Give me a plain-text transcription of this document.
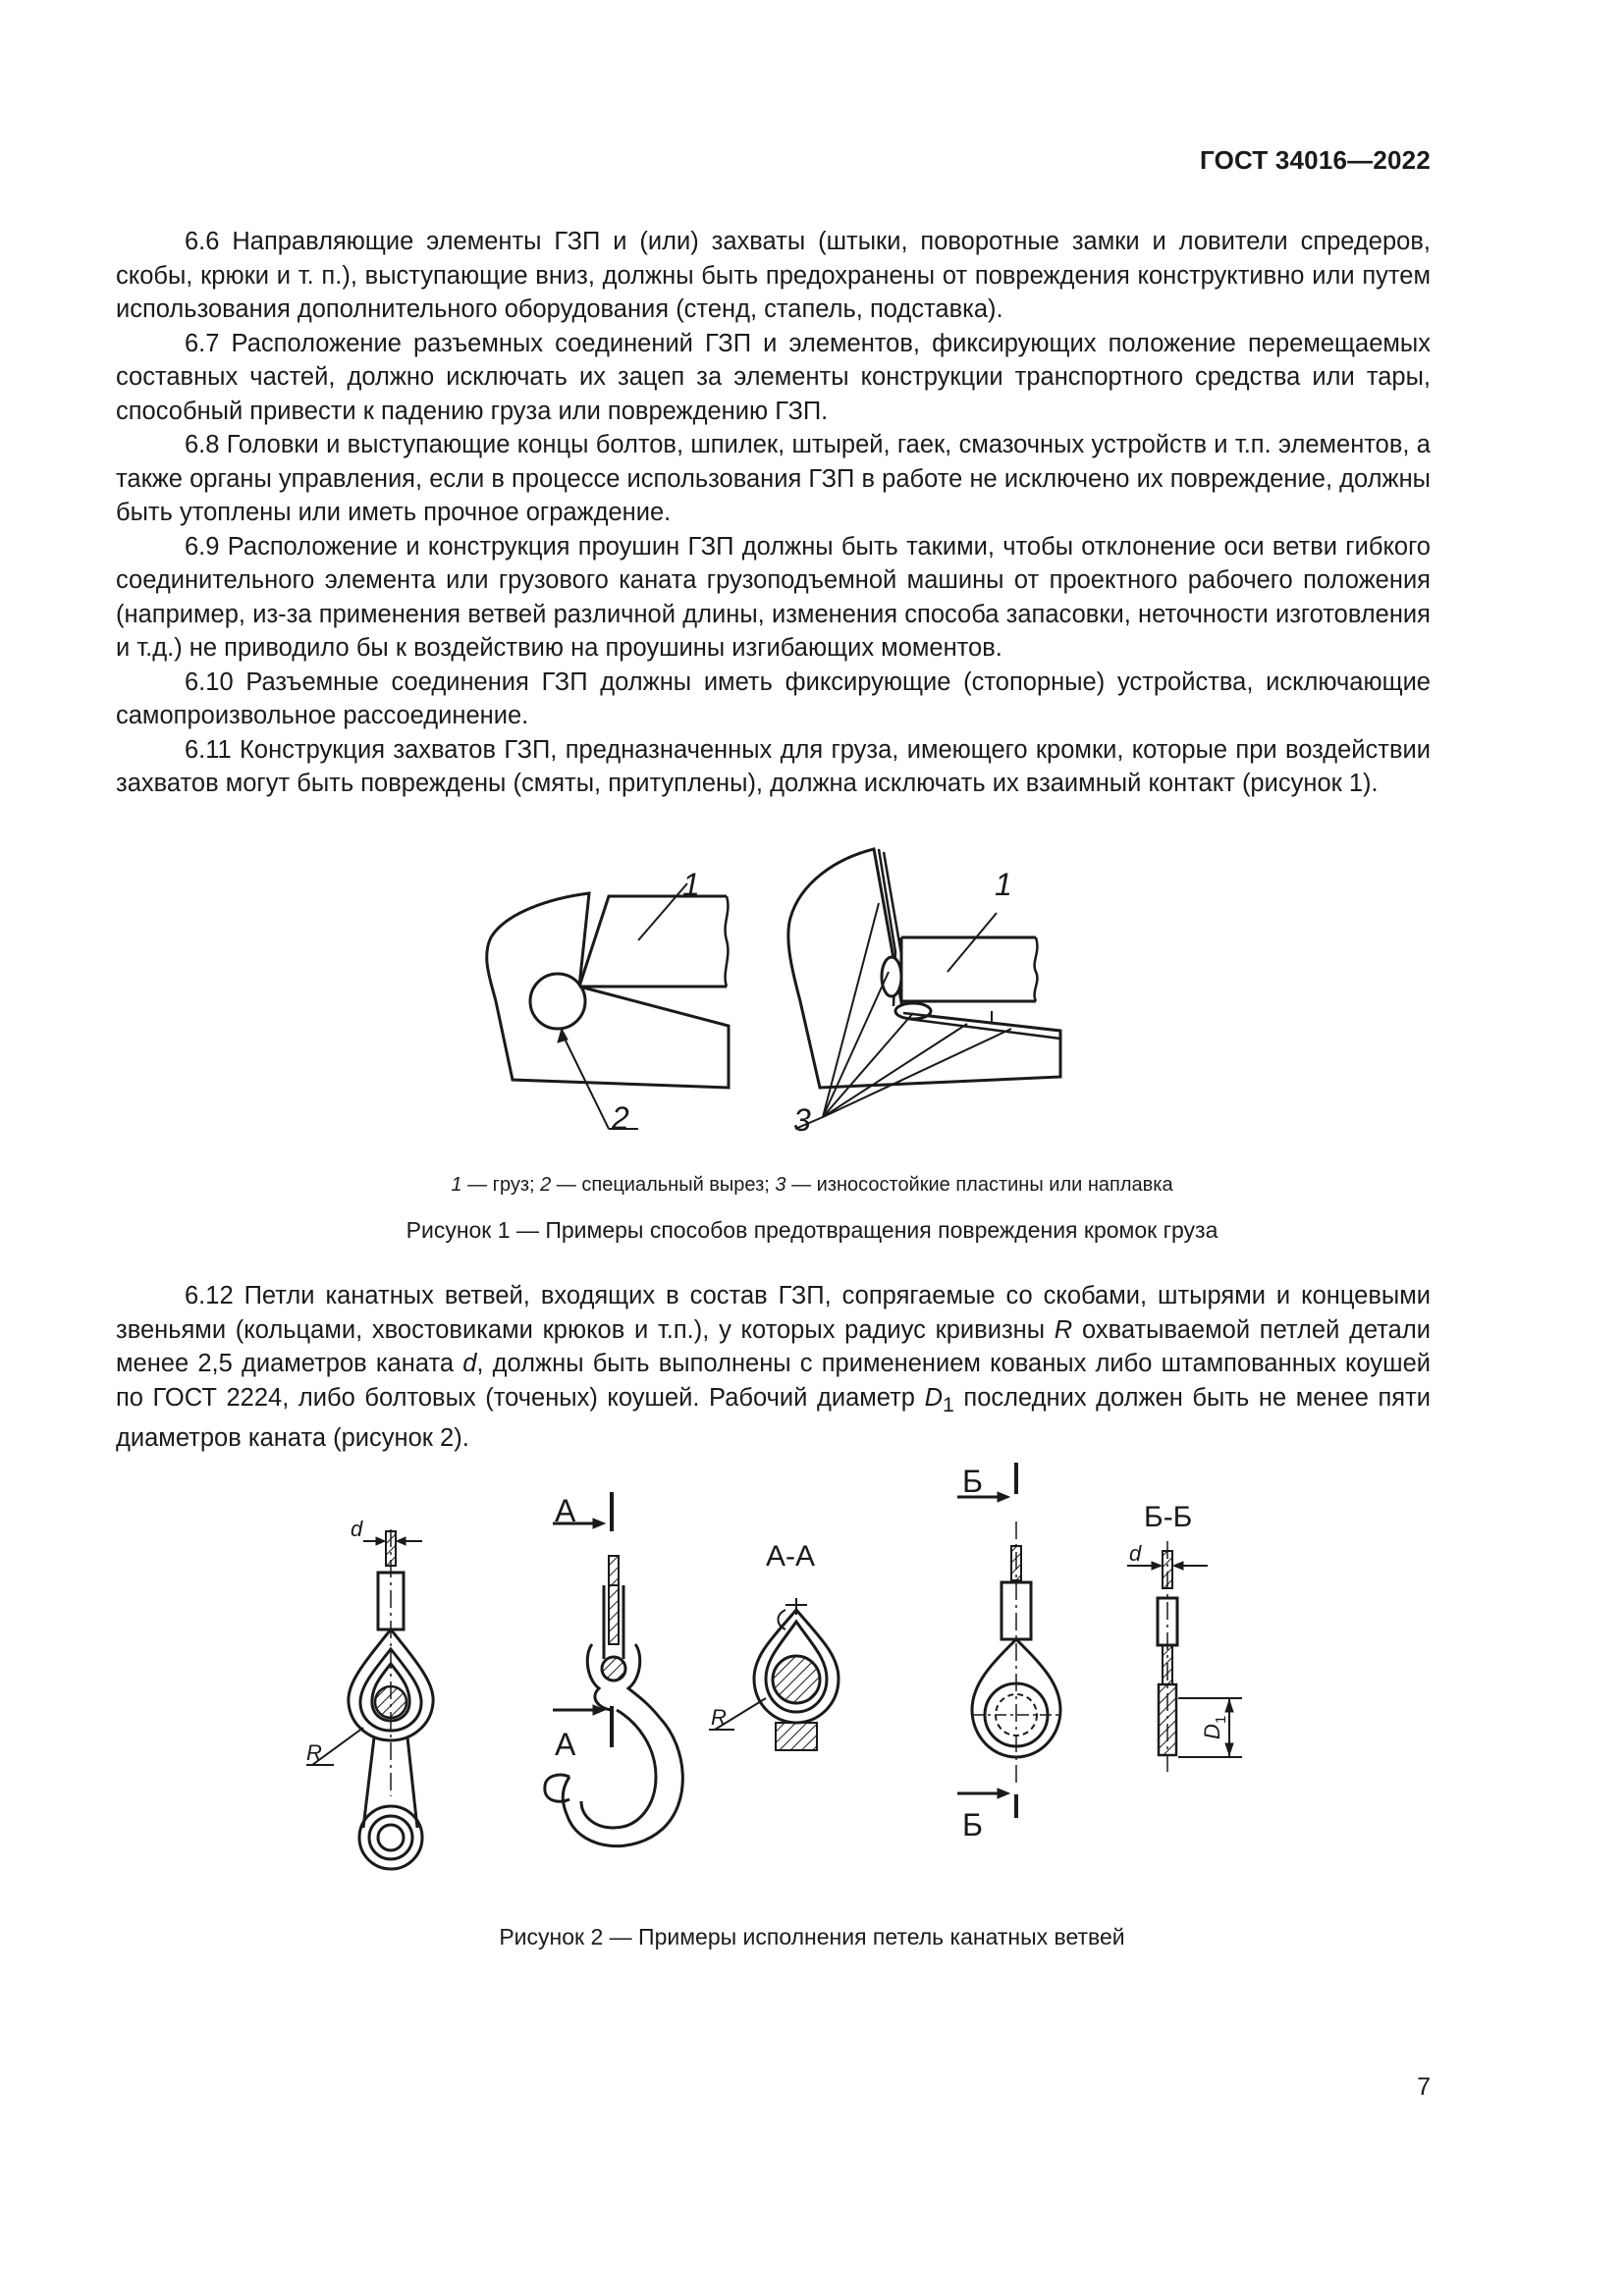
ГОСТ 34016—2022

6.6 Направляющие элементы ГЗП и (или) захваты (штыки, поворотные замки и ловители спредеров, скобы, крюки и т. п.), выступающие вниз, должны быть предохранены от повреждения конструктивно или путем использования дополнительного оборудования (стенд, стапель, подставка).

6.7 Расположение разъемных соединений ГЗП и элементов, фиксирующих положение перемещаемых составных частей, должно исключать их зацеп за элементы конструкции транспортного средства или тары, способный привести к падению груза или повреждению ГЗП.

6.8 Головки и выступающие концы болтов, шпилек, штырей, гаек, смазочных устройств и т.п. элементов, а также органы управления, если в процессе использования ГЗП в работе не исключено их повреждение, должны быть утоплены или иметь прочное ограждение.

6.9 Расположение и конструкция проушин ГЗП должны быть такими, чтобы отклонение оси ветви гибкого соединительного элемента или грузового каната грузоподъемной машины от проектного рабочего положения (например, из-за применения ветвей различной длины, изменения способа запасовки, неточности изготовления и т.д.) не приводило бы к воздействию на проушины изгибающих моментов.

6.10 Разъемные соединения ГЗП должны иметь фиксирующие (стопорные) устройства, исключающие самопроизвольное рассоединение.

6.11 Конструкция захватов ГЗП, предназначенных для груза, имеющего кромки, которые при воздействии захватов могут быть повреждены (смяты, притуплены), должна исключать их взаимный контакт (рисунок 1).

1
2
1
3
1 — груз; 2 — специальный вырез; 3 — износостойкие пластины или наплавка
Рисунок 1 — Примеры способов предотвращения повреждения кромок груза

6.12 Петли канатных ветвей, входящих в состав ГЗП, сопрягаемые со скобами, штырями и концевыми звеньями (кольцами, хвостовиками крюков и т.п.), у которых радиус кривизны R охватываемой петлей детали менее 2,5 диаметров каната d, должны быть выполнены с применением кованых либо штампованных коушей по ГОСТ 2224, либо болтовых (точеных) коушей. Рабочий диаметр $D_1$ последних должен быть не менее пяти диаметров каната (рисунок 2).

d
R
А
А
А-А
R
Б
Б
Б-Б
d
D
1
Рисунок 2 — Примеры исполнения петель канатных ветвей
7
